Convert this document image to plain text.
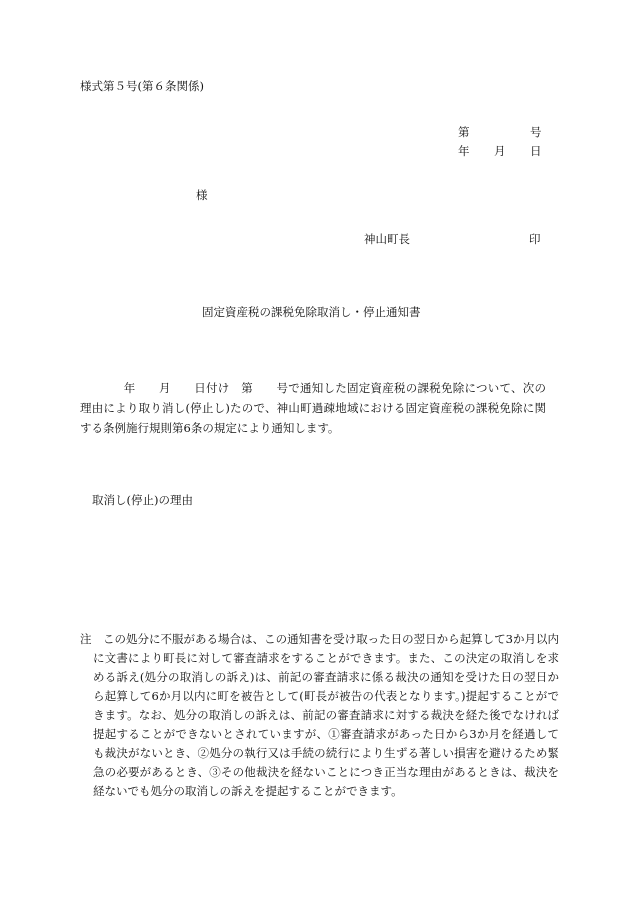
様式第５号(第６条関係)
第	号
年 月 日
様
神山町長	印
固定資産税の課税免除取消し・停止通知書
年　　月　　日付け　第　　号で通知した固定資産税の課税免除について、次の理由により取り消し(停止し)たので、神山町過疎地域における固定資産税の課税免除に関する条例施行規則第6条の規定により通知します。
取消し(停止)の理由
注　この処分に不服がある場合は、この通知書を受け取った日の翌日から起算して3か月以内に文書により町長に対して審査請求をすることができます。また、この決定の取消しを求める訴え(処分の取消しの訴え)は、前記の審査請求に係る裁決の通知を受けた日の翌日から起算して6か月以内に町を被告として(町長が被告の代表となります。)提起することができます。なお、処分の取消しの訴えは、前記の審査請求に対する裁決を経た後でなければ提起することができないとされていますが、①審査請求があった日から3か月を経過しても裁決がないとき、②処分の執行又は手続の続行により生ずる著しい損害を避けるため緊急の必要があるとき、③その他裁決を経ないことにつき正当な理由があるときは、裁決を経ないでも処分の取消しの訴えを提起することができます。
